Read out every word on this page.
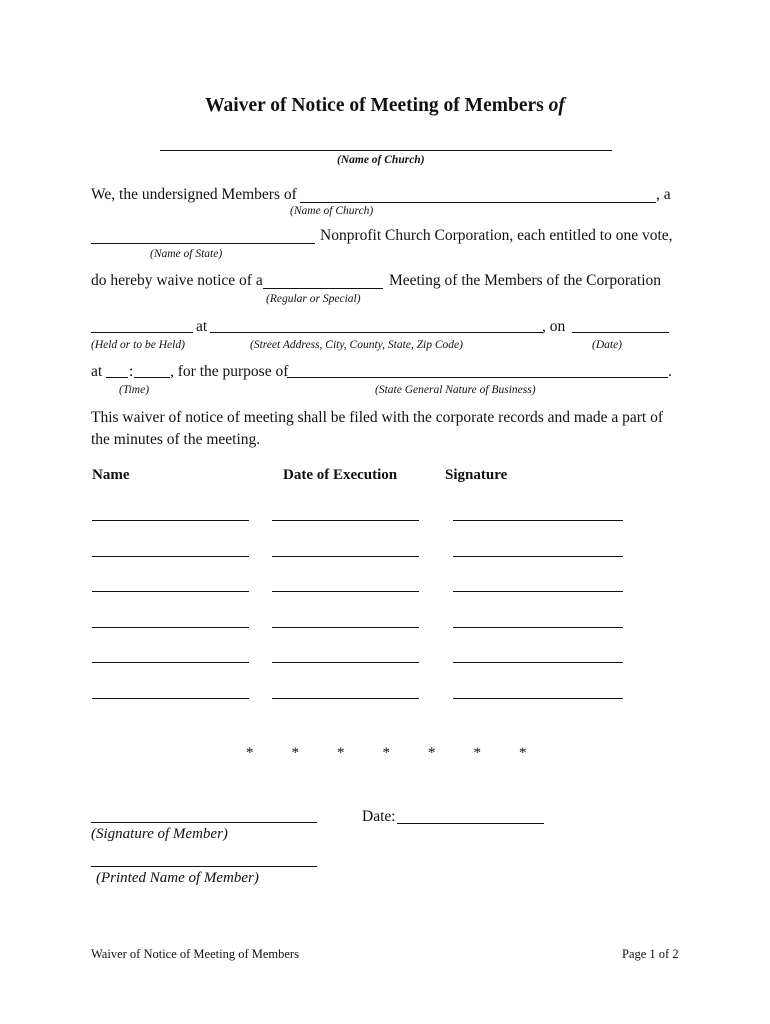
Waiver of Notice of Meeting of Members of
(Name of Church)
We, the undersigned Members of	, a
(Name of Church)
Nonprofit Church Corporation, each entitled to one vote,
(Name of State)
do hereby waive notice of a	Meeting of the Members of the Corporation
(Regular or Special)
at	, on
(Held or to be Held)	(Street Address, City, County, State, Zip Code)	(Date)
at : , for the purpose of	.
(Time)	(State General Nature of Business)
This waiver of notice of meeting shall be filed with the corporate records and made a part of the minutes of the meeting.
Name	Date of Execution	Signature
*	*	*	*	*	*	*
(Signature of Member)
Date:
(Printed Name of Member)
Waiver of Notice of Meeting of Members	Page 1 of 2
